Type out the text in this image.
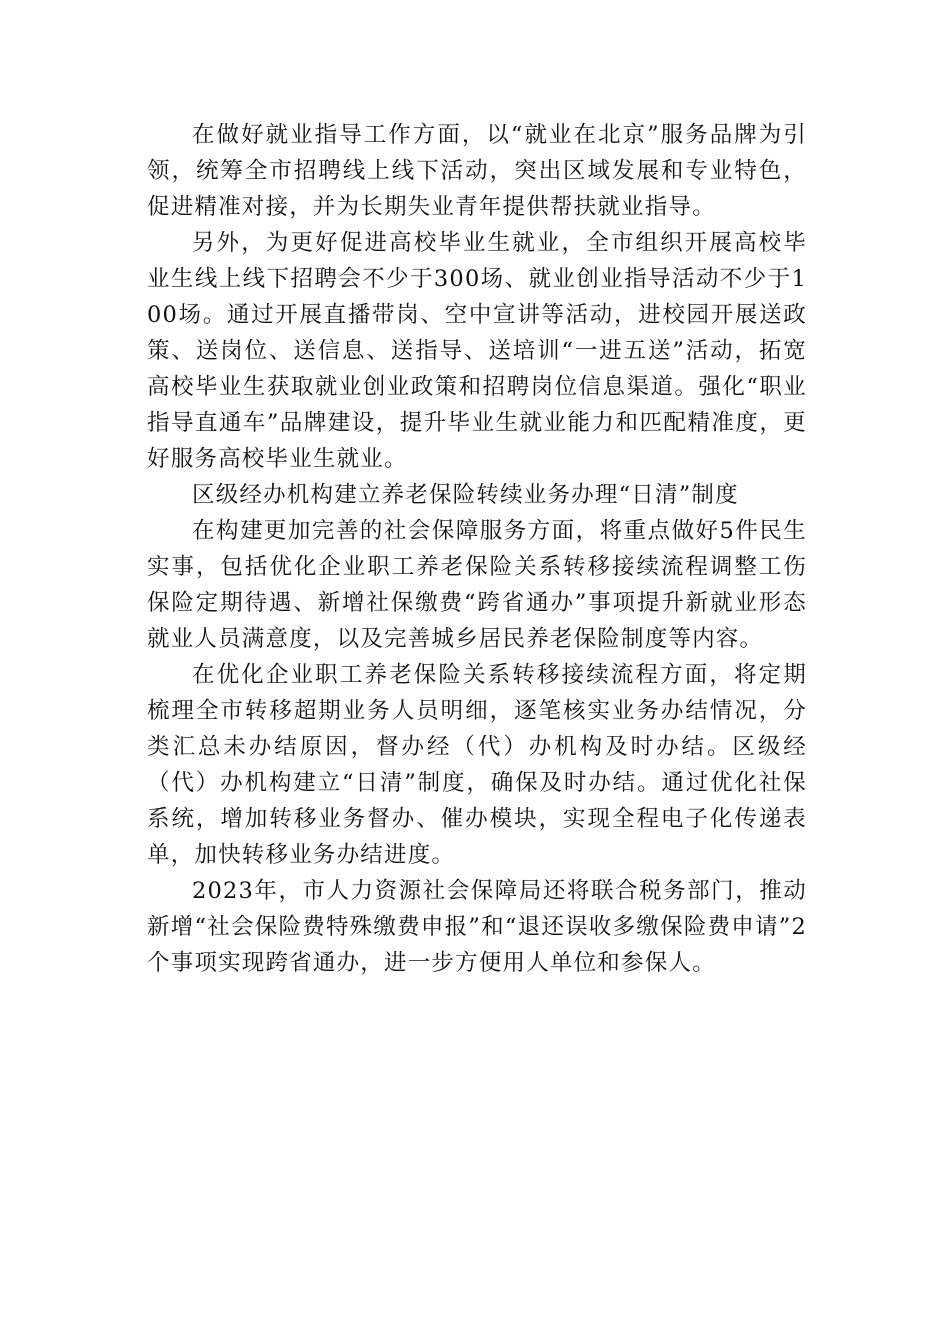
在做好就业指导工作方面，以“就业在北京”服务品牌为引领，统筹全市招聘线上线下活动，突出区域发展和专业特色，促进精准对接，并为长期失业青年提供帮扶就业指导。

另外，为更好促进高校毕业生就业，全市组织开展高校毕业生线上线下招聘会不少于300场、就业创业指导活动不少于100场。通过开展直播带岗、空中宣讲等活动，进校园开展送政策、送岗位、送信息、送指导、送培训“一进五送”活动，拓宽高校毕业生获取就业创业政策和招聘岗位信息渠道。强化“职业指导直通车”品牌建设，提升毕业生就业能力和匹配精准度，更好服务高校毕业生就业。

区级经办机构建立养老保险转续业务办理“日清”制度

在构建更加完善的社会保障服务方面，将重点做好5件民生实事，包括优化企业职工养老保险关系转移接续流程调整工伤保险定期待遇、新增社保缴费“跨省通办”事项提升新就业形态就业人员满意度，以及完善城乡居民养老保险制度等内容。

在优化企业职工养老保险关系转移接续流程方面，将定期梳理全市转移超期业务人员明细，逐笔核实业务办结情况，分类汇总未办结原因，督办经（代）办机构及时办结。区级经（代）办机构建立“日清”制度，确保及时办结。通过优化社保系统，增加转移业务督办、催办模块，实现全程电子化传递表单，加快转移业务办结进度。

2023年，市人力资源社会保障局还将联合税务部门，推动新增“社会保险费特殊缴费申报”和“退还误收多缴保险费申请”2个事项实现跨省通办，进一步方便用人单位和参保人。
